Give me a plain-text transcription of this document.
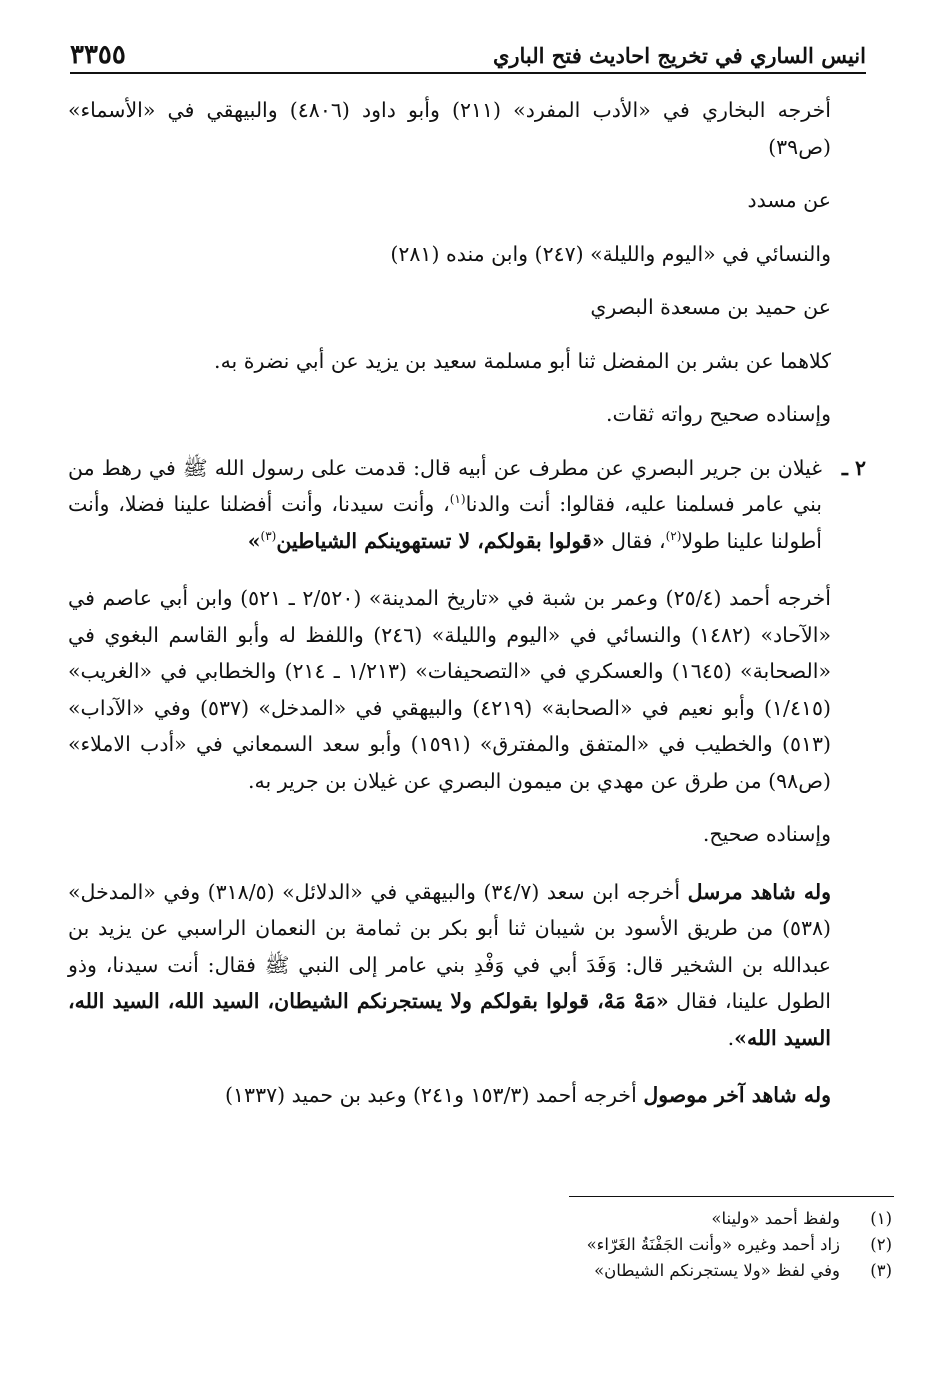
انيس الساري في تخريج احاديث فتح الباري
٣٣٥٥

أخرجه البخاري في «الأدب المفرد» (٢١١) وأبو داود (٤٨٠٦) والبيهقي في «الأسماء» (ص٣٩)

عن مسدد

والنسائي في «اليوم والليلة» (٢٤٧) وابن منده (٢٨١)

عن حميد بن مسعدة البصري

كلاهما عن بشر بن المفضل ثنا أبو مسلمة سعيد بن يزيد عن أبي نضرة به.

وإسناده صحيح رواته ثقات.

٢ ـ

غيلان بن جرير البصري عن مطرف عن أبيه قال: قدمت على رسول الله ﷺ في رهط من بني عامر فسلمنا عليه، فقالوا: أنت والدنا$^{(١)}$، وأنت سيدنا، وأنت أفضلنا علينا فضلا، وأنت أطولنا علينا طولا$^{(٢)}$، فقال «قولوا بقولكم، لا تستهوينكم الشياطين$^{(٣)}$»

أخرجه أحمد (٢٥/٤) وعمر بن شبة في «تاريخ المدينة» (٢/٥٢٠ ـ ٥٢١) وابن أبي عاصم في «الآحاد» (١٤٨٢) والنسائي في «اليوم والليلة» (٢٤٦) واللفظ له وأبو القاسم البغوي في «الصحابة» (١٦٤٥) والعسكري في «التصحيفات» (١/٢١٣ ـ ٢١٤) والخطابي في «الغريب» (١/٤١٥) وأبو نعيم في «الصحابة» (٤٢١٩) والبيهقي في «المدخل» (٥٣٧) وفي «الآداب» (٥١٣) والخطيب في «المتفق والمفترق» (١٥٩١) وأبو سعد السمعاني في «أدب الاملاء» (ص٩٨) من طرق عن مهدي بن ميمون البصري عن غيلان بن جرير به.

وإسناده صحيح.

وله شاهد مرسل أخرجه ابن سعد (٣٤/٧) والبيهقي في «الدلائل» (٣١٨/٥) وفي «المدخل» (٥٣٨) من طريق الأسود بن شيبان ثنا أبو بكر بن ثمامة بن النعمان الراسبي عن يزيد بن عبدالله بن الشخير قال: وَفَدَ أبي في وَفْدِ بني عامر إلى النبي ﷺ فقال: أنت سيدنا، وذو الطول علينا، فقال «مَهْ مَهْ، قولوا بقولكم ولا يستجرنكم الشيطان، السيد الله، السيد الله، السيد الله».

وله شاهد آخر موصول أخرجه أحمد (١٥٣/٣ و٢٤١) وعبد بن حميد (١٣٣٧)

(١)
ولفظ أحمد «ولينا»
(٢)
زاد أحمد وغيره «وأنت الجَفْنَةُ الغَرّاء»
(٣)
وفي لفظ «ولا يستجرنكم الشيطان»
